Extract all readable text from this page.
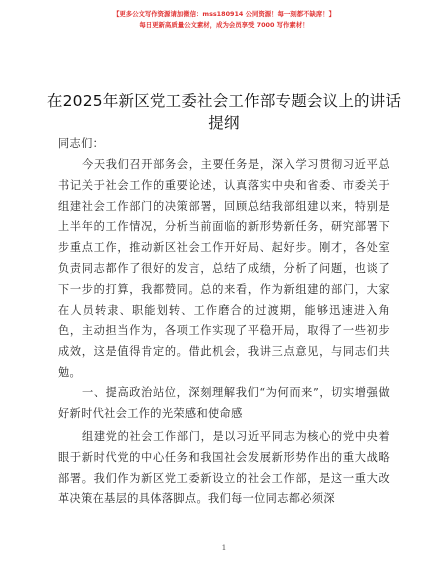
【更多公文写作资源请加微信：mss180914 公同资源！每一刻都不缺席！】
每日更新高质量公文素材，成为会员享受 7000 写作素材！
在2025年新区党工委社会工作部专题会议上的讲话提纲
同志们：
今天我们召开部务会，主要任务是，深入学习贯彻习近平总书记关于社会工作的重要论述，认真落实中央和省委、市委关于组建社会工作部门的决策部署，回顾总结我部组建以来，特别是上半年的工作情况，分析当前面临的新形势新任务，研究部署下步重点工作，推动新区社会工作开好局、起好步。刚才，各处室负责同志都作了很好的发言，总结了成绩，分析了问题，也谈了下一步的打算，我都赞同。总的来看，作为新组建的部门，大家在人员转隶、职能划转、工作磨合的过渡期，能够迅速进入角色，主动担当作为，各项工作实现了平稳开局，取得了一些初步成效，这是值得肯定的。借此机会，我讲三点意见，与同志们共勉。
一、提高政治站位，深刻理解我们“为何而来”，切实增强做好新时代社会工作的光荣感和使命感
组建党的社会工作部门，是以习近平同志为核心的党中央着眼于新时代党的中心任务和我国社会发展新形势作出的重大战略部署。我们作为新区党工委新设立的社会工作部，是这一重大改革决策在基层的具体落脚点。我们每一位同志都必须深
1
